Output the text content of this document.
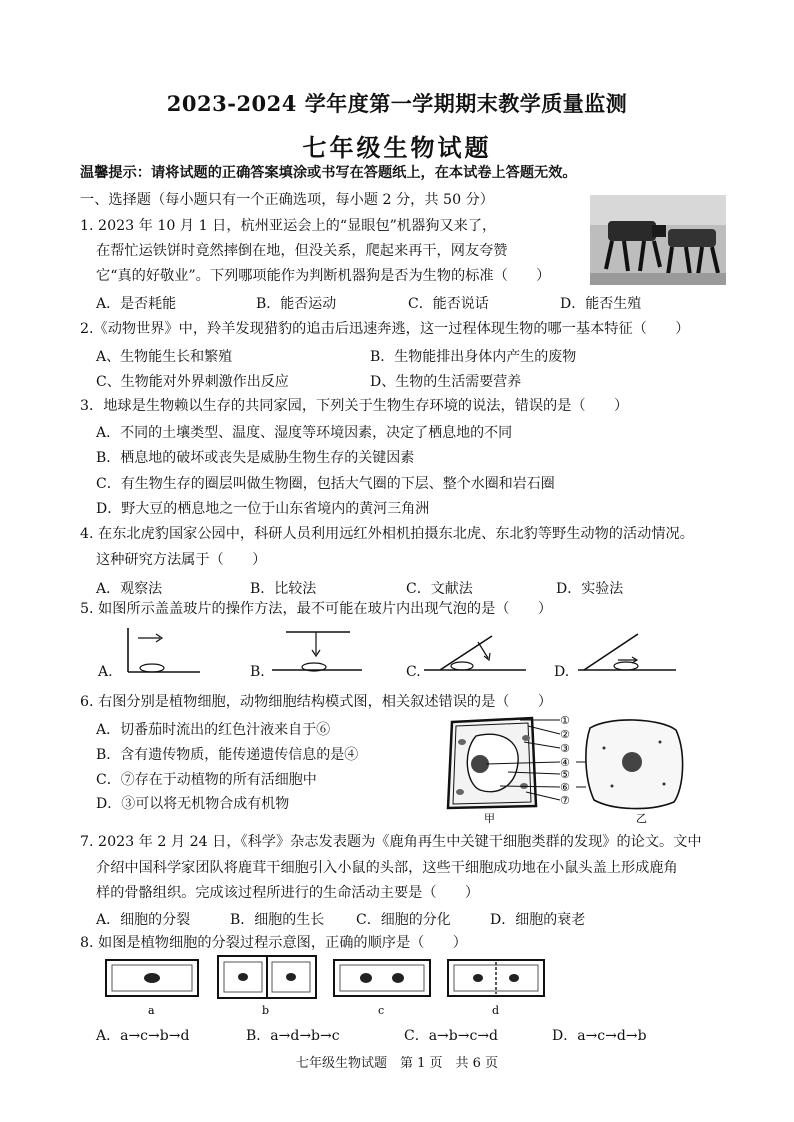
2023-2024 学年度第一学期期末教学质量监测
七年级生物试题
温馨提示：请将试题的正确答案填涂或书写在答题纸上，在本试卷上答题无效。
一、选择题（每小题只有一个正确选项，每小题 2 分，共 50 分）
1. 2023 年 10 月 1 日，杭州亚运会上的“显眼包”机器狗又来了，
在帮忙运铁饼时竟然摔倒在地，但没关系，爬起来再干，网友夸赞
它“真的好敬业”。下列哪项能作为判断机器狗是否为生物的标准（　　）
A．是否耗能	B．能否运动	C．能否说话	D．能否生殖
2.《动物世界》中，羚羊发现猎豹的追击后迅速奔逃，这一过程体现生物的哪一基本特征（　　）
A、生物能生长和繁殖	B．生物能排出身体内产生的废物
C、生物能对外界刺激作出反应	D、生物的生活需要营养
3．地球是生物赖以生存的共同家园，下列关于生物生存环境的说法，错误的是（　　）
A．不同的土壤类型、温度、湿度等环境因素，决定了栖息地的不同
B．栖息地的破坏或丧失是威胁生物生存的关键因素
C．有生物生存的圈层叫做生物圈，包括大气圈的下层、整个水圈和岩石圈
D．野大豆的栖息地之一位于山东省境内的黄河三角洲
4. 在东北虎豹国家公园中，科研人员利用远红外相机拍摄东北虎、东北豹等野生动物的活动情况。
这种研究方法属于（　　）
A．观察法	B．比较法	C．文献法	D．实验法
5. 如图所示盖盖玻片的操作方法，最不可能在玻片内出现气泡的是（　　）
A.	B.	C.	D.
6. 右图分别是植物细胞，动物细胞结构模式图，相关叙述错误的是（　　）
A．切番茄时流出的红色汁液来自于⑥
B．含有遗传物质，能传递遗传信息的是④
C．⑦存在于动植物的所有活细胞中
D．③可以将无机物合成有机物
①
②
③
④
⑤
⑥
⑦
甲	乙
7. 2023 年 2 月 24 日，《科学》杂志发表题为《鹿角再生中关键干细胞类群的发现》的论文。文中
介绍中国科学家团队将鹿茸干细胞引入小鼠的头部，这些干细胞成功地在小鼠头盖上形成鹿角
样的骨骼组织。完成该过程所进行的生命活动主要是（　　）
A．细胞的分裂	B．细胞的生长 C．细胞的分化	D．细胞的衰老
8. 如图是植物细胞的分裂过程示意图，正确的顺序是（　　）
a	b	c	d
A．a→c→b→d	B．a→d→b→c	C．a→b→c→d	D．a→c→d→b
七年级生物试题　第 1 页　共 6 页
